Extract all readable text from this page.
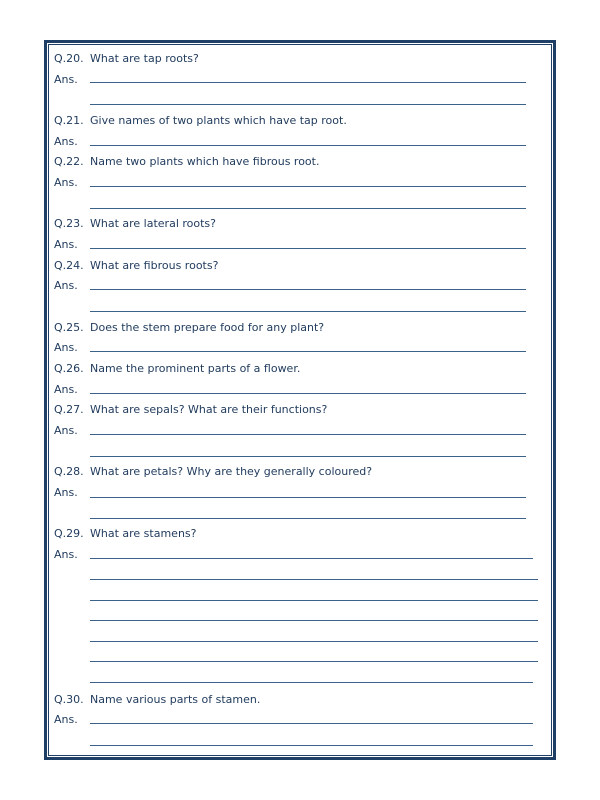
Q.20. What are tap roots?
Ans.
Q.21. Give names of two plants which have tap root.
Ans.
Q.22. Name two plants which have fibrous root.
Ans.
Q.23. What are lateral roots?
Ans.
Q.24. What are fibrous roots?
Ans.
Q.25. Does the stem prepare food for any plant?
Ans.
Q.26. Name the prominent parts of a flower.
Ans.
Q.27. What are sepals? What are their functions?
Ans.
Q.28. What are petals? Why are they generally coloured?
Ans.
Q.29. What are stamens?
Ans.
Q.30. Name various parts of stamen.
Ans.
